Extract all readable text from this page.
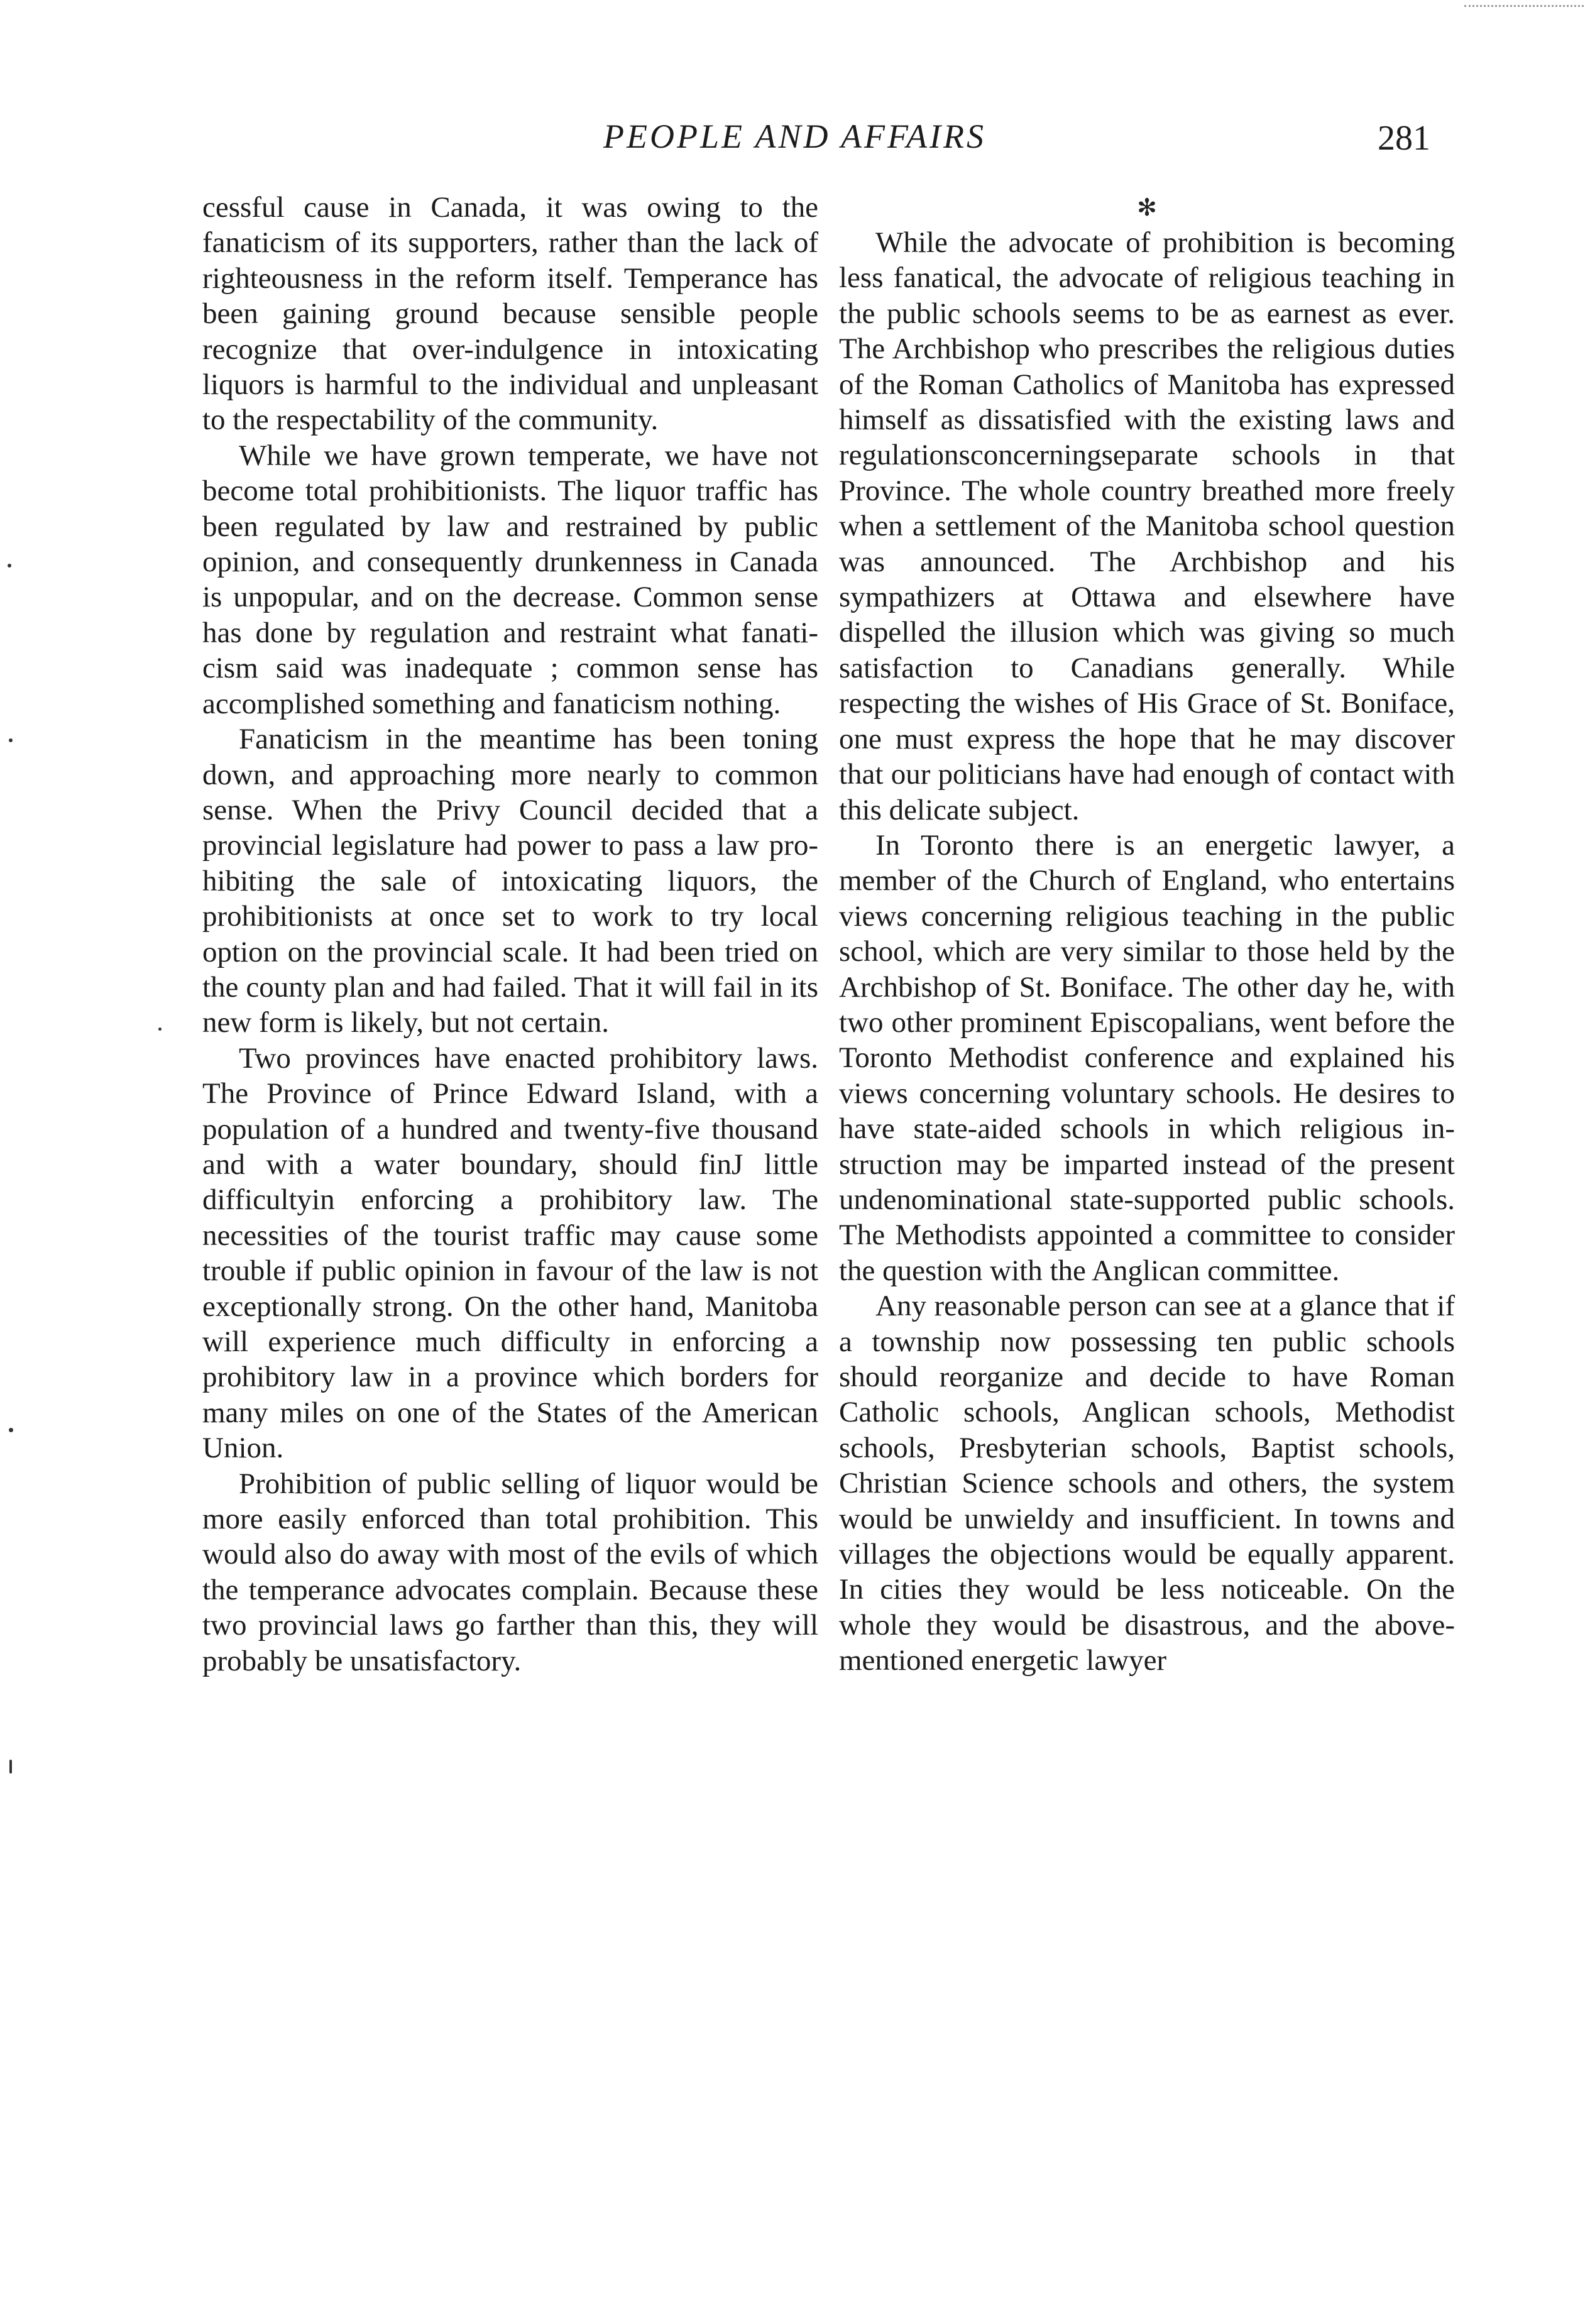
PEOPLE AND AFFAIRS	281

cessful cause in Canada, it was owing to the fanaticism of its supporters, rather than the lack of righteousness in the reform itself. Temperance has been gaining ground because sensible people recognize that over-indulgence in intoxicating liquors is harmful to the individual and unpleasant to the respectability of the community.

While we have grown temperate, we have not become total prohibitionists. The liquor traffic has been regulated by law and restrained by public opinion, and consequently drunkenness in Canada is unpopular, and on the decrease. Common sense has done by regulation and restraint what fanaticism said was inadequate ; common sense has accomplished something and fanaticism nothing.

Fanaticism in the meantime has been toning down, and approaching more nearly to common sense. When the Privy Council decided that a provincial legislature had power to pass a law prohibiting the sale of intoxicating liquors, the prohibitionists at once set to work to try local option on the provincial scale. It had been tried on the county plan and had failed. That it will fail in its new form is likely, but not certain.

Two provinces have enacted prohibitory laws. The Province of Prince Edward Island, with a population of a hundred and twenty-five thousand and with a water boundary, should finJ little difficultyin enforcing a prohibitory law. The necessities of the tourist traffic may cause some trouble if public opinion in favour of the law is not exceptionally strong. On the other hand, Manitoba will experience much difficulty in enforcing a prohibitory law in a province which borders for many miles on one of the States of the American Union.

Prohibition of public selling of liquor would be more easily enforced than total prohibition. This would also do away with most of the evils of which the temperance advocates complain. Because these two provincial laws go farther than this, they will probably be unsatisfactory.

✻

While the advocate of prohibition is becoming less fanatical, the advocate of religious teaching in the public schools seems to be as earnest as ever. The Archbishop who prescribes the religious duties of the Roman Catholics of Manitoba has expressed himself as dissatisfied with the existing laws and regulationsconcerningseparate schools in that Province. The whole country breathed more freely when a settlement of the Manitoba school question was announced. The Archbishop and his sympathizers at Ottawa and elsewhere have dispelled the illusion which was giving so much satisfaction to Canadians generally. While respecting the wishes of His Grace of St. Boniface, one must express the hope that he may discover that our politicians have had enough of contact with this delicate subject.

In Toronto there is an energetic lawyer, a member of the Church of England, who entertains views concerning religious teaching in the public school, which are very similar to those held by the Archbishop of St. Boniface. The other day he, with two other prominent Episcopalians, went before the Toronto Methodist conference and explained his views concerning voluntary schools. He desires to have state-aided schools in which religious instruction may be imparted instead of the present undenominational state-supported public schools. The Methodists appointed a committee to consider the question with the Anglican committee.

Any reasonable person can see at a glance that if a township now possessing ten public schools should reorganize and decide to have Roman Catholic schools, Anglican schools, Methodist schools, Presbyterian schools, Baptist schools, Christian Science schools and others, the system would be unwieldy and insufficient. In towns and villages the objections would be equally apparent. In cities they would be less noticeable. On the whole they would be disastrous, and the above-mentioned energetic lawyer
